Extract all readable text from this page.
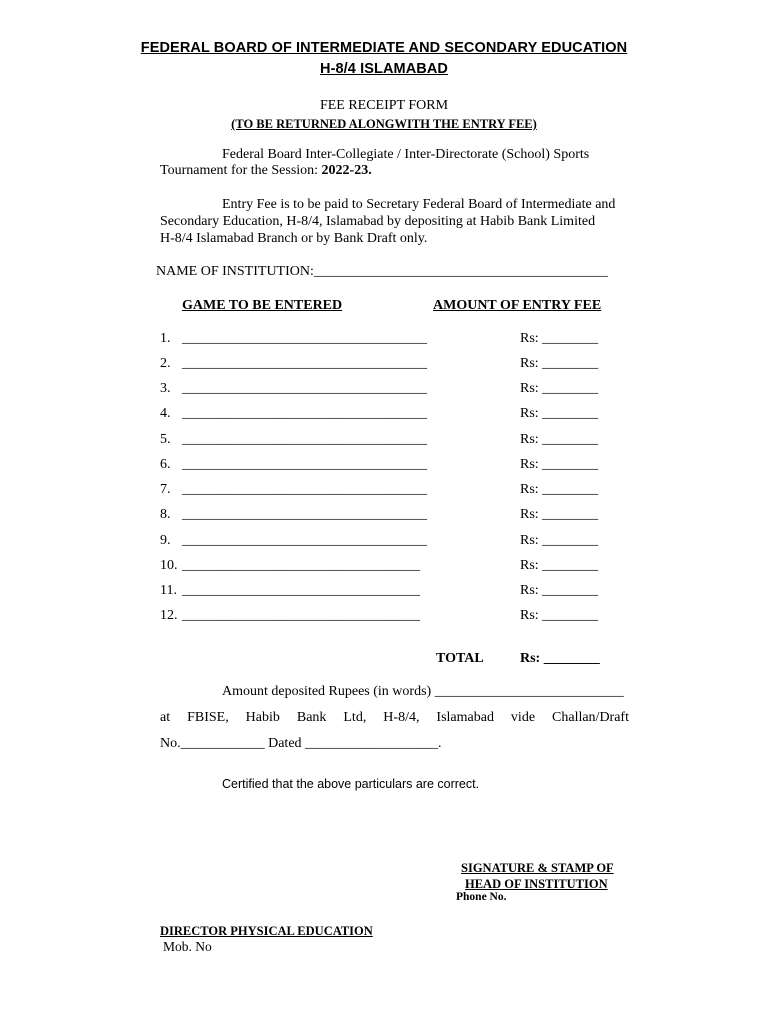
FEDERAL BOARD OF INTERMEDIATE AND SECONDARY EDUCATION
H-8/4 ISLAMABAD
FEE RECEIPT FORM
(TO BE RETURNED ALONGWITH THE ENTRY FEE)
Federal Board Inter-Collegiate / Inter-Directorate (School) Sports
Tournament for the Session: 2022-23.
Entry Fee is to be paid to Secretary Federal Board of Intermediate and
Secondary Education, H-8/4, Islamabad by depositing at Habib Bank Limited
H-8/4 Islamabad Branch or by Bank Draft only.
NAME OF INSTITUTION:__________________________________________
GAME TO BE ENTERED	AMOUNT OF ENTRY FEE
1. ___________________________________	Rs: ________
2. ___________________________________	Rs: ________
3. ___________________________________	Rs: ________
4. ___________________________________	Rs: ________
5. ___________________________________	Rs: ________
6. ___________________________________	Rs: ________
7. ___________________________________	Rs: ________
8. ___________________________________	Rs: ________
9. ___________________________________	Rs: ________
10. __________________________________	Rs: ________
11. __________________________________	Rs: ________
12. __________________________________	Rs: ________
TOTAL	Rs: ________
Amount deposited Rupees (in words) ___________________________
at FBISE, Habib Bank Ltd, H-8/4, Islamabad vide Challan/Draft
No.____________ Dated ___________________.
Certified that the above particulars are correct.
SIGNATURE & STAMP OF
HEAD OF INSTITUTION
Phone No.
DIRECTOR PHYSICAL EDUCATION
Mob. No
